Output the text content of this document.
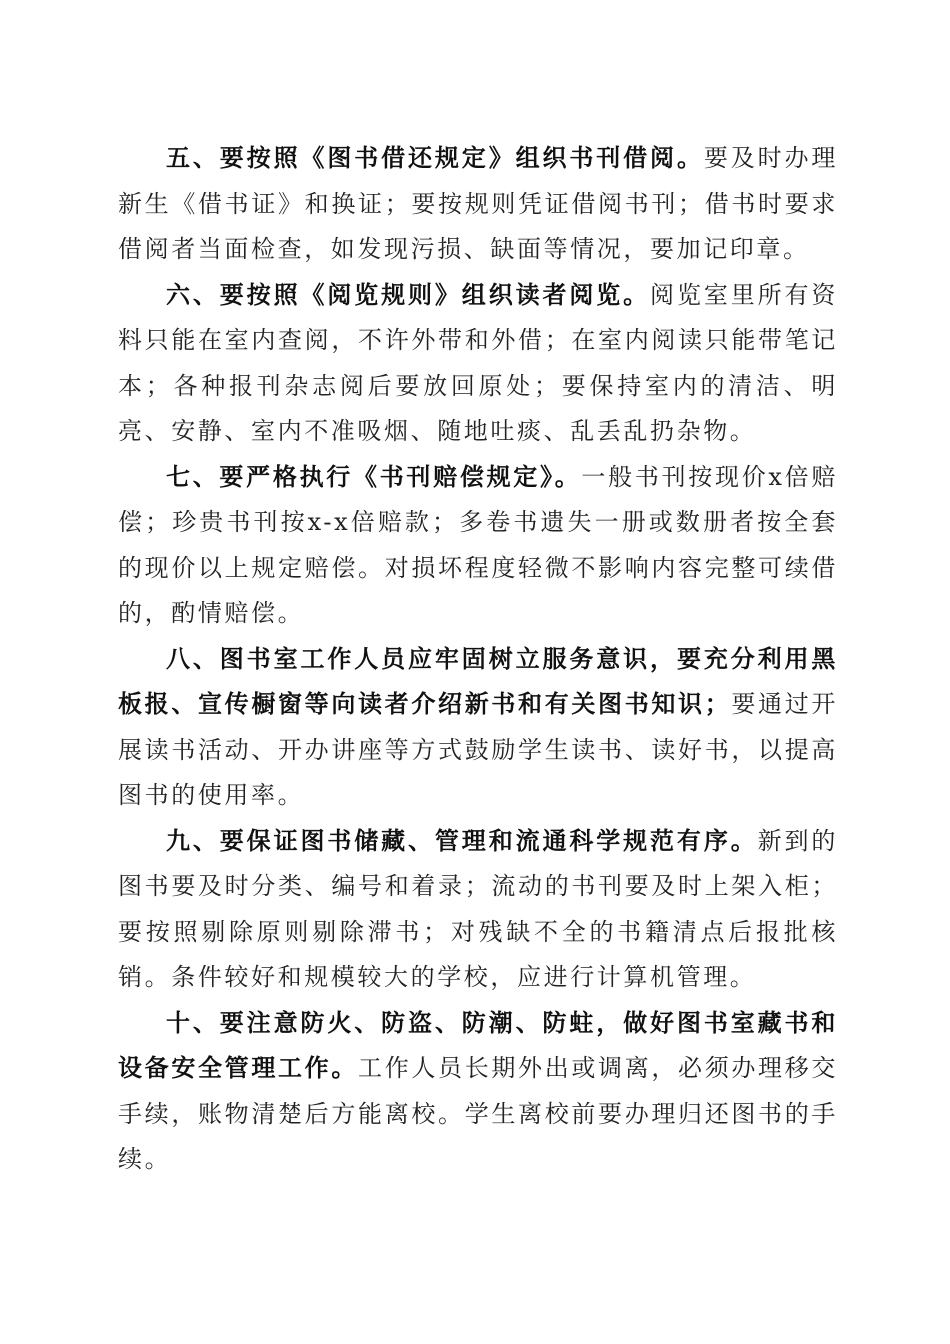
五、要按照《图书借还规定》组织书刊借阅。要及时办理新生《借书证》和换证；要按规则凭证借阅书刊；借书时要求借阅者当面检查，如发现污损、缺面等情况，要加记印章。

六、要按照《阅览规则》组织读者阅览。阅览室里所有资料只能在室内查阅，不许外带和外借；在室内阅读只能带笔记本；各种报刊杂志阅后要放回原处；要保持室内的清洁、明亮、安静、室内不准吸烟、随地吐痰、乱丢乱扔杂物。

七、要严格执行《书刊赔偿规定》。一般书刊按现价x倍赔偿；珍贵书刊按x-x倍赔款；多卷书遗失一册或数册者按全套的现价以上规定赔偿。对损坏程度轻微不影响内容完整可续借的，酌情赔偿。

八、图书室工作人员应牢固树立服务意识，要充分利用黑板报、宣传橱窗等向读者介绍新书和有关图书知识；要通过开展读书活动、开办讲座等方式鼓励学生读书、读好书，以提高图书的使用率。

九、要保证图书储藏、管理和流通科学规范有序。新到的图书要及时分类、编号和着录；流动的书刊要及时上架入柜；要按照剔除原则剔除滞书；对残缺不全的书籍清点后报批核销。条件较好和规模较大的学校，应进行计算机管理。

十、要注意防火、防盗、防潮、防蛀，做好图书室藏书和设备安全管理工作。工作人员长期外出或调离，必须办理移交手续，账物清楚后方能离校。学生离校前要办理归还图书的手续。
